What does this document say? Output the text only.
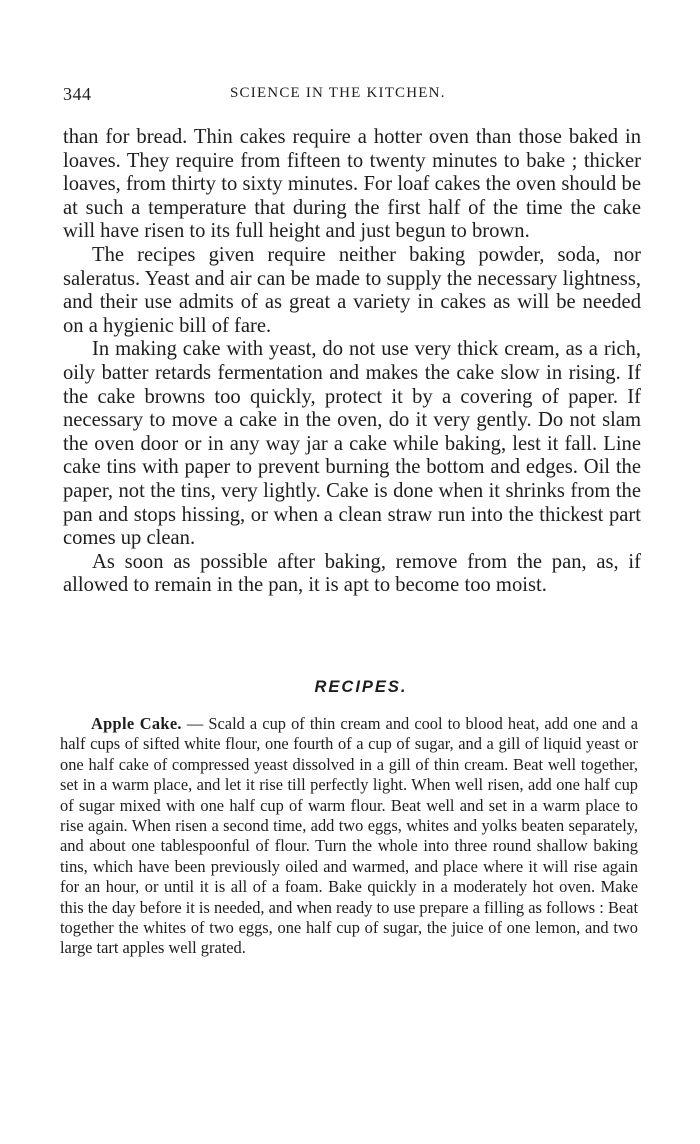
344	SCIENCE IN THE KITCHEN.

than for bread. Thin cakes require a hotter oven than those baked in loaves. They require from fifteen to twenty minutes to bake ; thicker loaves, from thirty to sixty minutes. For loaf cakes the oven should be at such a temperature that during the first half of the time the cake will have risen to its full height and just begun to brown.

The recipes given require neither baking powder, soda, nor saleratus. Yeast and air can be made to supply the necessary lightness, and their use admits of as great a variety in cakes as will be needed on a hygienic bill of fare.

In making cake with yeast, do not use very thick cream, as a rich, oily batter retards fermentation and makes the cake slow in rising. If the cake browns too quickly, protect it by a covering of paper. If necessary to move a cake in the oven, do it very gently. Do not slam the oven door or in any way jar a cake while baking, lest it fall. Line cake tins with paper to prevent burning the bottom and edges. Oil the paper, not the tins, very lightly. Cake is done when it shrinks from the pan and stops hissing, or when a clean straw run into the thickest part comes up clean.

As soon as possible after baking, remove from the pan, as, if allowed to remain in the pan, it is apt to become too moist.

RECIPES.

Apple Cake. — Scald a cup of thin cream and cool to blood heat, add one and a half cups of sifted white flour, one fourth of a cup of sugar, and a gill of liquid yeast or one half cake of compressed yeast dissolved in a gill of thin cream. Beat well together, set in a warm place, and let it rise till perfectly light. When well risen, add one half cup of sugar mixed with one half cup of warm flour. Beat well and set in a warm place to rise again. When risen a second time, add two eggs, whites and yolks beaten separately, and about one tablespoonful of flour. Turn the whole into three round shallow baking tins, which have been previously oiled and warmed, and place where it will rise again for an hour, or until it is all of a foam. Bake quickly in a moderately hot oven. Make this the day before it is needed, and when ready to use prepare a filling as follows : Beat together the whites of two eggs, one half cup of sugar, the juice of one lemon, and two large tart apples well grated.
